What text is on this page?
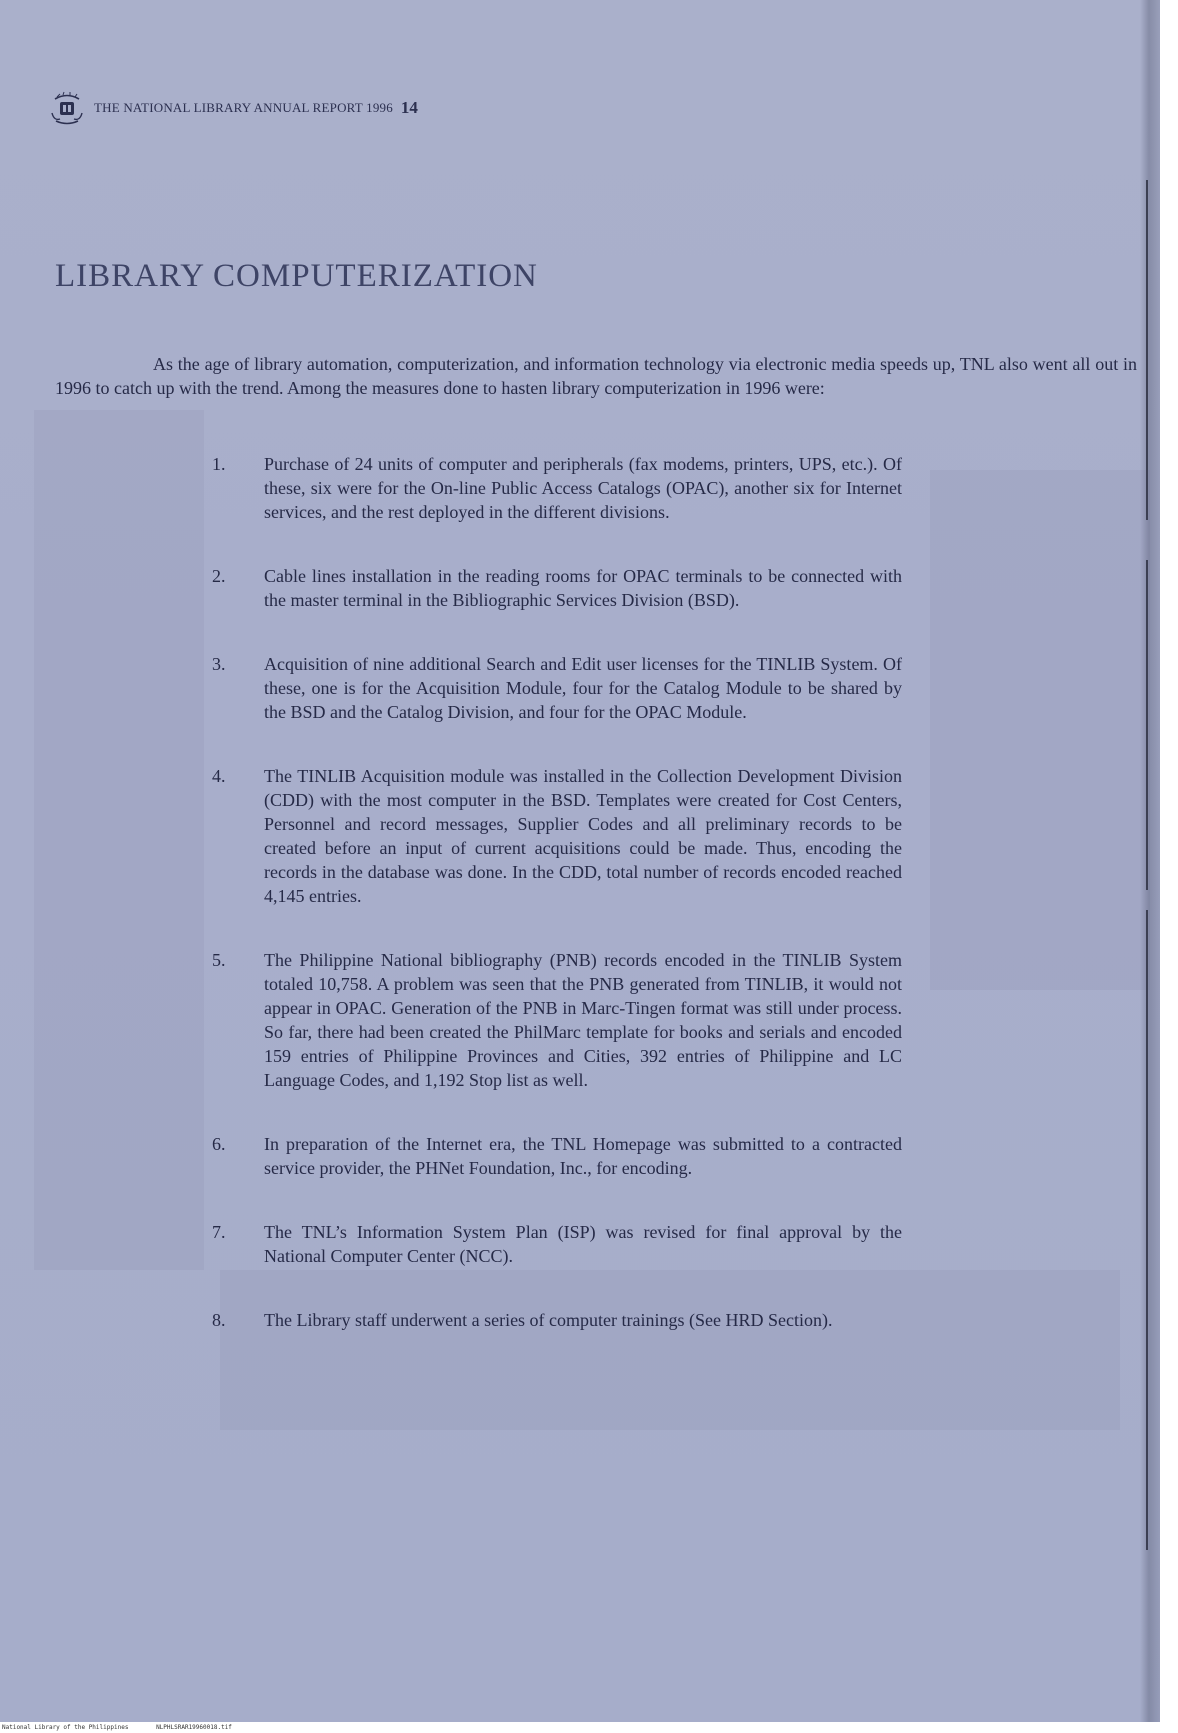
THE NATIONAL LIBRARY ANNUAL REPORT 1996 14
LIBRARY COMPUTERIZATION
As the age of library automation, computerization, and information technology via electronic media speeds up, TNL also went all out in 1996 to catch up with the trend. Among the measures done to hasten library computerization in 1996 were:
1.	Purchase of 24 units of computer and peripherals (fax modems, printers, UPS, etc.). Of these, six were for the On-line Public Access Catalogs (OPAC), another six for Internet services, and the rest deployed in the different divisions.
2.	Cable lines installation in the reading rooms for OPAC terminals to be connected with the master terminal in the Bibliographic Services Division (BSD).
3.	Acquisition of nine additional Search and Edit user licenses for the TINLIB System. Of these, one is for the Acquisition Module, four for the Catalog Module to be shared by the BSD and the Catalog Division, and four for the OPAC Module.
4.	The TINLIB Acquisition module was installed in the Collection Development Division (CDD) with the most computer in the BSD. Templates were created for Cost Centers, Personnel and record messages, Supplier Codes and all preliminary records to be created before an input of current acquisitions could be made. Thus, encoding the records in the database was done. In the CDD, total number of records encoded reached 4,145 entries.
5.	The Philippine National bibliography (PNB) records encoded in the TINLIB System totaled 10,758. A problem was seen that the PNB generated from TINLIB, it would not appear in OPAC. Generation of the PNB in Marc-Tingen format was still under process. So far, there had been created the PhilMarc template for books and serials and encoded 159 entries of Philippine Provinces and Cities, 392 entries of Philippine and LC Language Codes, and 1,192 Stop list as well.
6.	In preparation of the Internet era, the TNL Homepage was submitted to a contracted service provider, the PHNet Foundation, Inc., for encoding.
7.	The TNL’s Information System Plan (ISP) was revised for final approval by the National Computer Center (NCC).
8.	The Library staff underwent a series of computer trainings (See HRD Section).
National Library of the Philippines	NLPHLSRAR19960018.tif
